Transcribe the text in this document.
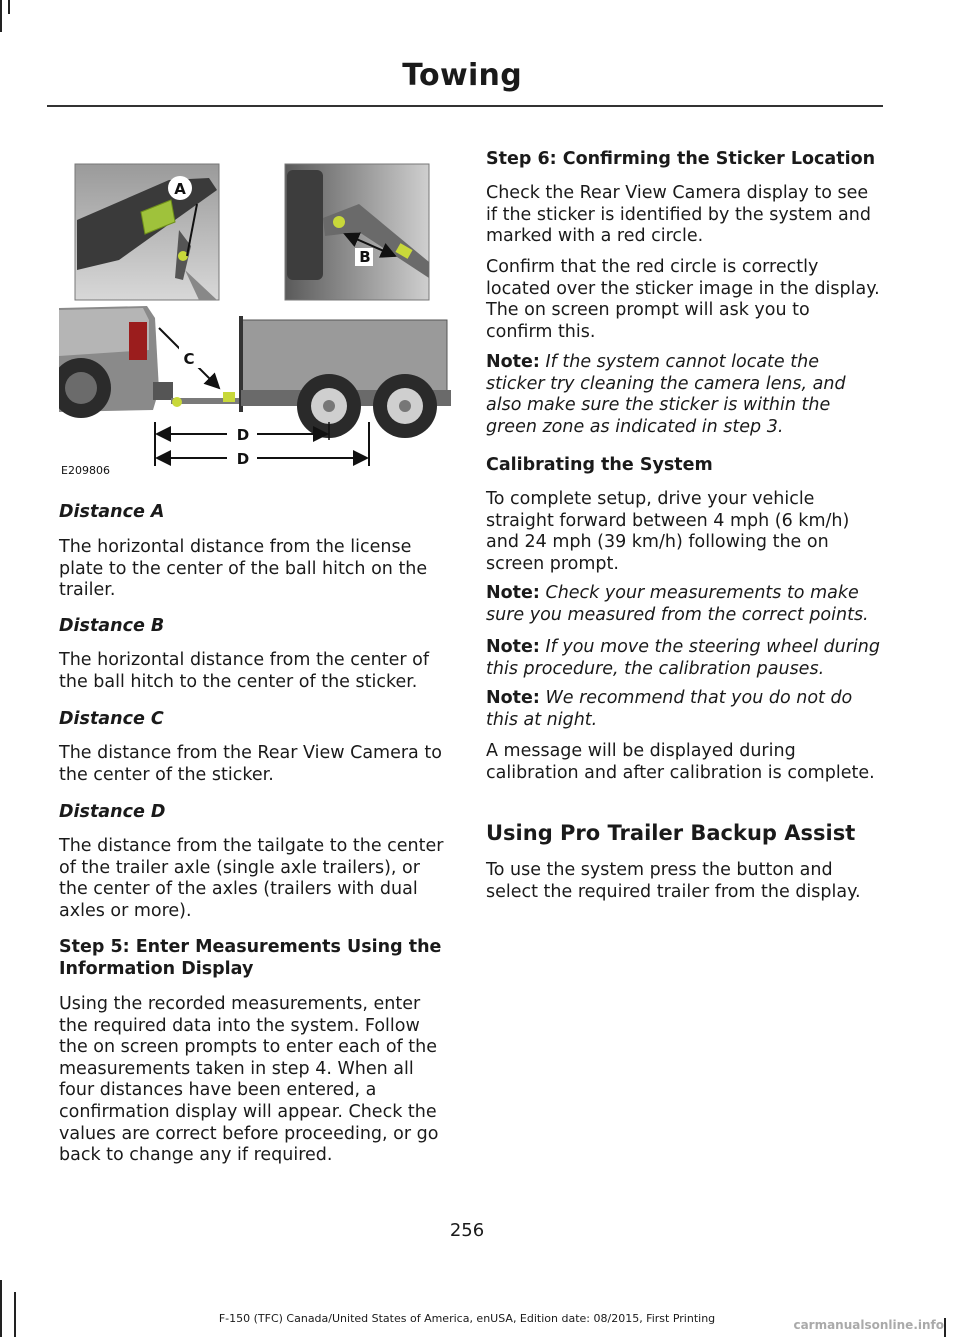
Towing
A
B
C
D
D
E209806

Distance A

The horizontal distance from the license plate to the center of the ball hitch on the trailer.

Distance B

The horizontal distance from the center of the ball hitch to the center of the sticker.

Distance C

The distance from the Rear View Camera to the center of the sticker.

Distance D

The distance from the tailgate to the center of the trailer axle (single axle trailers), or the center of the axles (trailers with dual axles or more).

Step 5: Enter Measurements Using the Information Display

Using the recorded measurements, enter the required data into the system. Follow the on screen prompts to enter each of the measurements taken in step 4. When all four distances have been entered, a confirmation display will appear. Check the values are correct before proceeding, or go back to change any if required.

Step 6: Confirming the Sticker Location

Check the Rear View Camera display to see if the sticker is identified by the system and marked with a red circle.

Confirm that the red circle is correctly located over the sticker image in the display. The on screen prompt will ask you to confirm this.

Note: If the system cannot locate the sticker try cleaning the camera lens, and also make sure the sticker is within the green zone as indicated in step 3.

Calibrating the System

To complete setup, drive your vehicle straight forward between 4 mph (6 km/h) and 24 mph (39 km/h) following the on screen prompt.

Note: Check your measurements to make sure you measured from the correct points.

Note: If you move the steering wheel during this procedure, the calibration pauses.

Note: We recommend that you do not do this at night.

A message will be displayed during calibration and after calibration is complete.

Using Pro Trailer Backup Assist

To use the system press the button and select the required trailer from the display.

256
F-150 (TFC) Canada/United States of America, enUSA, Edition date: 08/2015, First Printing	carmanualsonline.info
